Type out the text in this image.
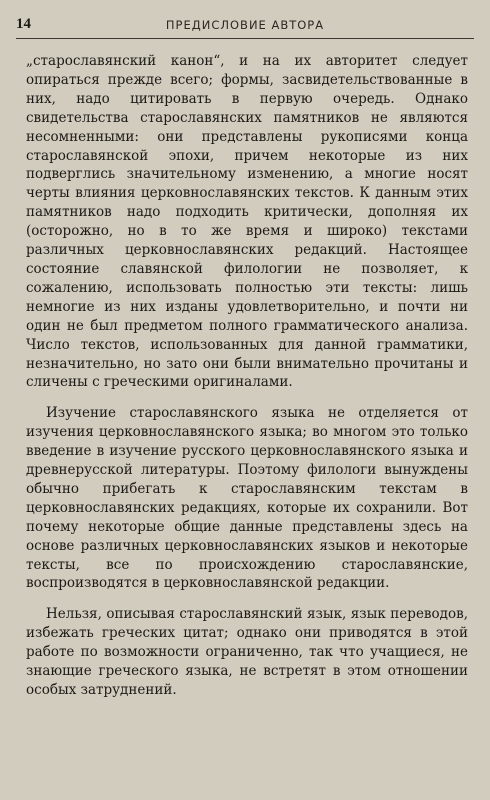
14	ПРЕДИСЛОВИЕ АВТОРА

„старославянский канон“, и на их авторитет следует опираться прежде всего; формы, засвидетельствованные в них, надо цитировать в первую очередь. Однако свидетельства старославянских памятников не являются несомненными: они представлены рукописями конца старославянской эпохи, причем некоторые из них подверглись значительному изменению, а многие носят черты влияния церковнославянских текстов. К данным этих памятников надо подходить критически, дополняя их (осторожно, но в то же время и широко) текстами различных церковнославянских редакций. Настоящее состояние славянской филологии не позволяет, к сожалению, использовать полностью эти тексты: лишь немногие из них изданы удовлетворительно, и почти ни один не был предметом полного грамматического анализа. Число текстов, использованных для данной грамматики, незначительно, но зато они были внимательно прочитаны и сличены с греческими оригиналами.

Изучение старославянского языка не отделяется от изучения церковнославянского языка; во многом это только введение в изучение русского церковнославянского языка и древнерусской литературы. Поэтому филологи вынуждены обычно прибегать к старославянским текстам в церковнославянских редакциях, которые их сохранили. Вот почему некоторые общие данные представлены здесь на основе различных церковнославянских языков и некоторые тексты, все по происхождению старославянские, воспроизводятся в церковнославянской редакции.

Нельзя, описывая старославянский язык, язык переводов, избежать греческих цитат; однако они приводятся в этой работе по возможности ограниченно, так что учащиеся, не знающие греческого языка, не встретят в этом отношении особых затруднений.
